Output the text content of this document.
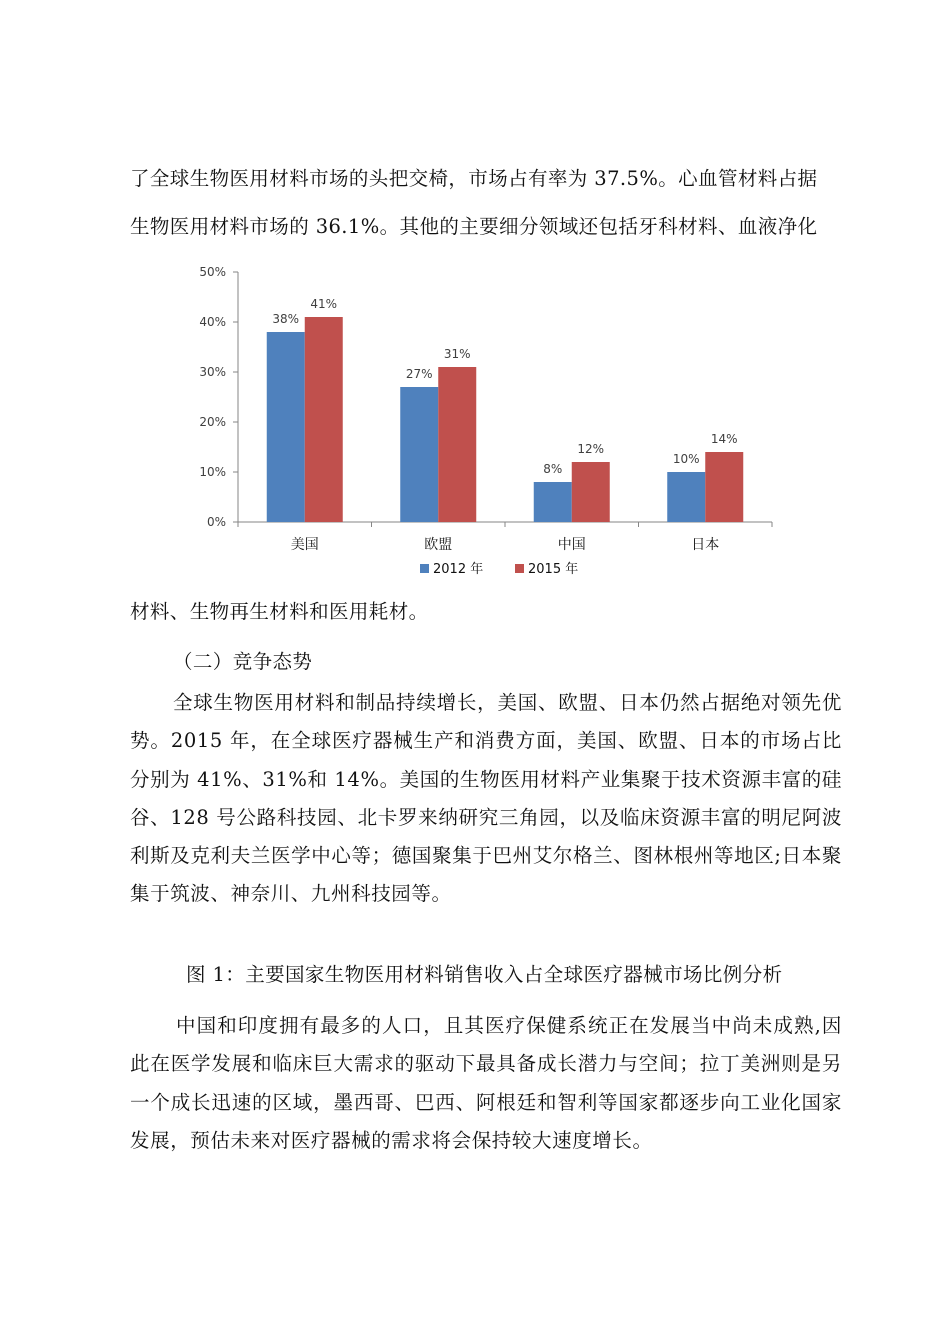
了全球生物医用材料市场的头把交椅，市场占有率为 37.5%。心血管材料占据
生物医用材料市场的 36.1%。其他的主要细分领域还包括牙科材料、血液净化
0%
10%
20%
30%
40%
50%
美国	欧盟	中国	日本
38%
41%
27%
31%
8%
12%
10%
14%
2012 年	2015 年
材料、生物再生材料和医用耗材。
（二）竞争态势
全球生物医用材料和制品持续增长，美国、欧盟、日本仍然占据绝对领先优势。2015 年，在全球医疗器械生产和消费方面，美国、欧盟、日本的市场占比分别为 41%、31%和 14%。美国的生物医用材料产业集聚于技术资源丰富的硅谷、128 号公路科技园、北卡罗来纳研究三角园，以及临床资源丰富的明尼阿波利斯及克利夫兰医学中心等；德国聚集于巴州艾尔格兰、图林根州等地区;日本聚集于筑波、神奈川、九州科技园等。
图 1：主要国家生物医用材料销售收入占全球医疗器械市场比例分析
中国和印度拥有最多的人口，且其医疗保健系统正在发展当中尚未成熟,因此在医学发展和临床巨大需求的驱动下最具备成长潜力与空间；拉丁美洲则是另一个成长迅速的区域，墨西哥、巴西、阿根廷和智利等国家都逐步向工业化国家发展，预估未来对医疗器械的需求将会保持较大速度增长。
